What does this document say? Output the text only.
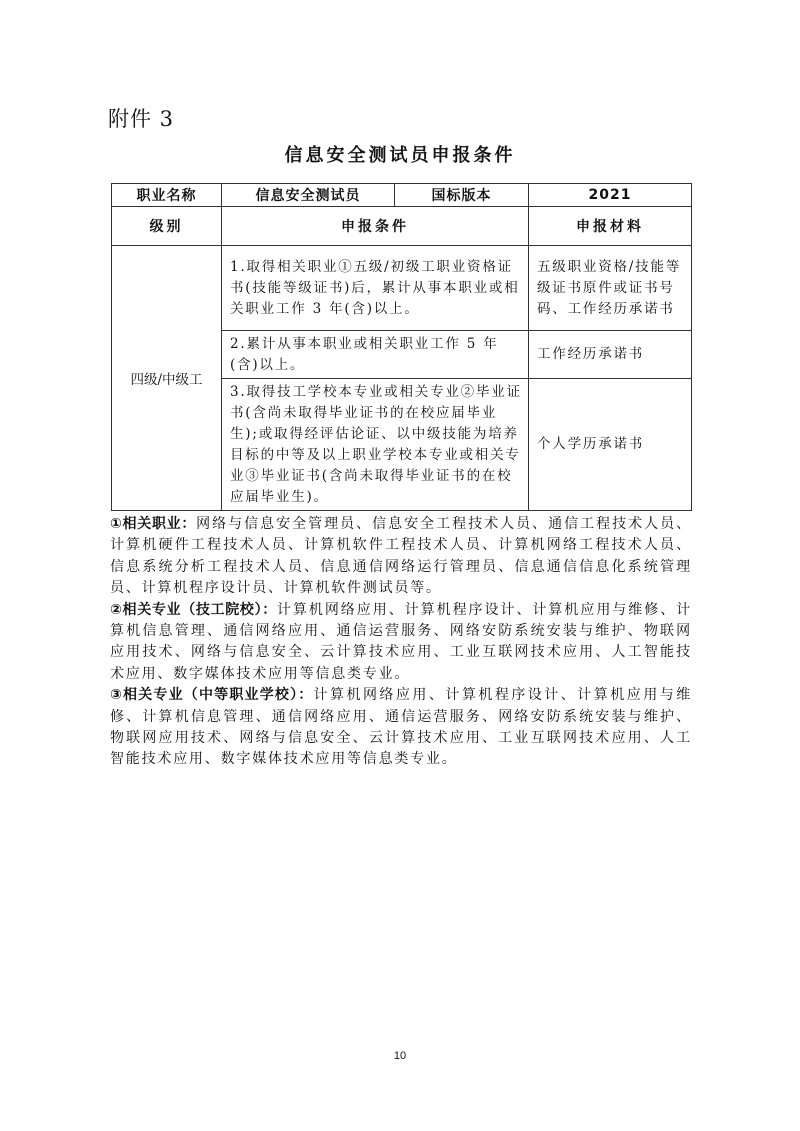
附件 3
信息安全测试员申报条件
职业名称	信息安全测试员	国标版本	2021
级别	申报条件		申报材料
四级/中级工	1.取得相关职业①五级/初级工职业资格证书(技能等级证书)后，累计从事本职业或相关职业工作 3 年(含)以上。		五级职业资格/技能等级证书原件或证书号码、工作经历承诺书
	2.累计从事本职业或相关职业工作 5 年(含)以上。		工作经历承诺书
	3.取得技工学校本专业或相关专业②毕业证书(含尚未取得毕业证书的在校应届毕业生);或取得经评估论证、以中级技能为培养目标的中等及以上职业学校本专业或相关专业③毕业证书(含尚未取得毕业证书的在校应届毕业生)。		个人学历承诺书

①相关职业：网络与信息安全管理员、信息安全工程技术人员、通信工程技术人员、计算机硬件工程技术人员、计算机软件工程技术人员、计算机网络工程技术人员、信息系统分析工程技术人员、信息通信网络运行管理员、信息通信信息化系统管理员、计算机程序设计员、计算机软件测试员等。

②相关专业（技工院校）：计算机网络应用、计算机程序设计、计算机应用与维修、计算机信息管理、通信网络应用、通信运营服务、网络安防系统安装与维护、物联网应用技术、网络与信息安全、云计算技术应用、工业互联网技术应用、人工智能技术应用、数字媒体技术应用等信息类专业。

③相关专业（中等职业学校）：计算机网络应用、计算机程序设计、计算机应用与维修、计算机信息管理、通信网络应用、通信运营服务、网络安防系统安装与维护、物联网应用技术、网络与信息安全、云计算技术应用、工业互联网技术应用、人工智能技术应用、数字媒体技术应用等信息类专业。

10
